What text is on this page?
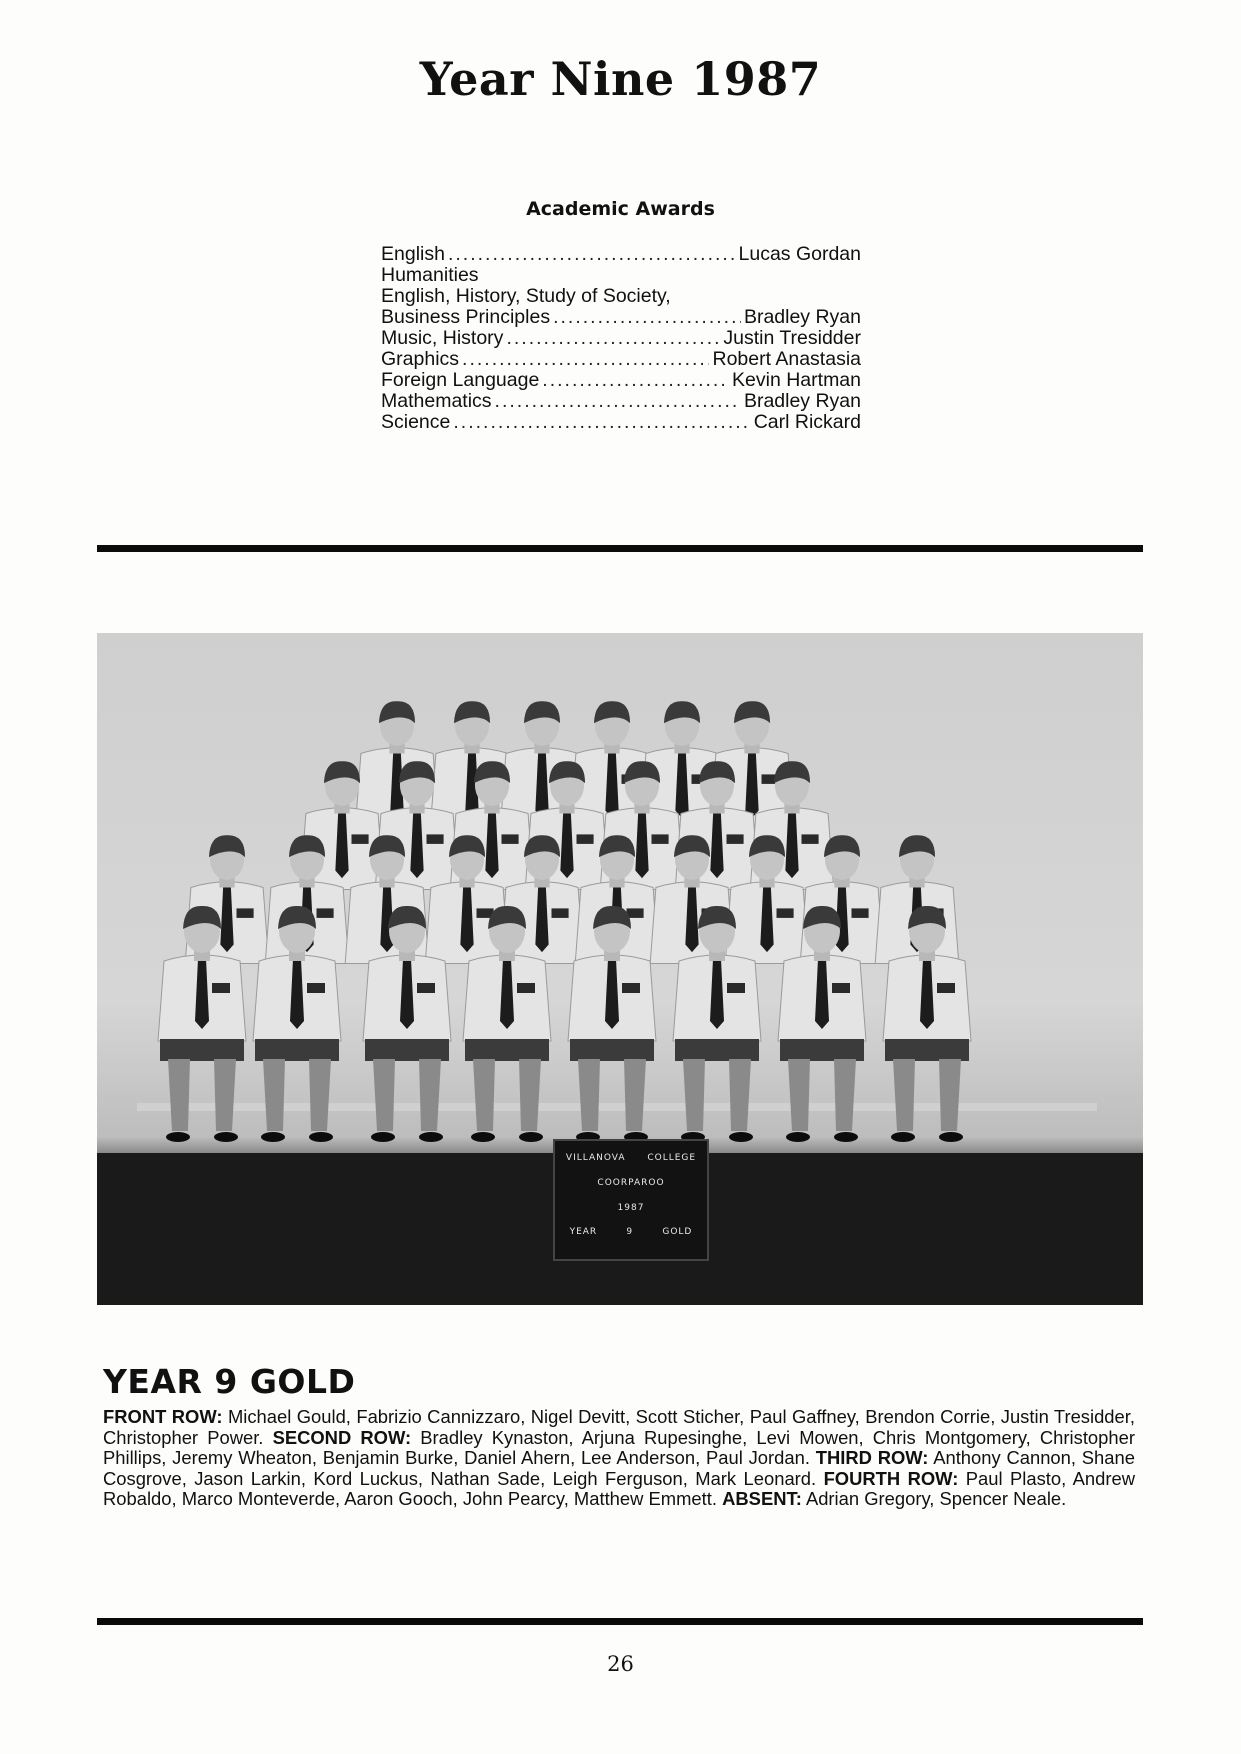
Year Nine 1987
Academic Awards
English .....	Lucas Gordan
Humanities
English, History, Study of Society,
Business Principles .....	Bradley Ryan
Music, History .....	Justin Tresidder
Graphics .....	Robert Anastasia
Foreign Language .....	Kevin Hartman
Mathematics .....	Bradley Ryan
Science .....	Carl Rickard
VILLANOVA COLLEGE
COORPAROO
1987
YEAR	9	GOLD
YEAR 9 GOLD
FRONT ROW: Michael Gould, Fabrizio Cannizzaro, Nigel Devitt, Scott Sticher, Paul Gaffney, Brendon Corrie, Justin Tresidder, Christopher Power. SECOND ROW: Bradley Kynaston, Arjuna Rupesinghe, Levi Mowen, Chris Montgomery, Christopher Phillips, Jeremy Wheaton, Benjamin Burke, Daniel Ahern, Lee Anderson, Paul Jordan. THIRD ROW: Anthony Cannon, Shane Cosgrove, Jason Larkin, Kord Luckus, Nathan Sade, Leigh Ferguson, Mark Leonard. FOURTH ROW: Paul Plasto, Andrew Robaldo, Marco Monteverde, Aaron Gooch, John Pearcy, Matthew Emmett. ABSENT: Adrian Gregory, Spencer Neale.
26
